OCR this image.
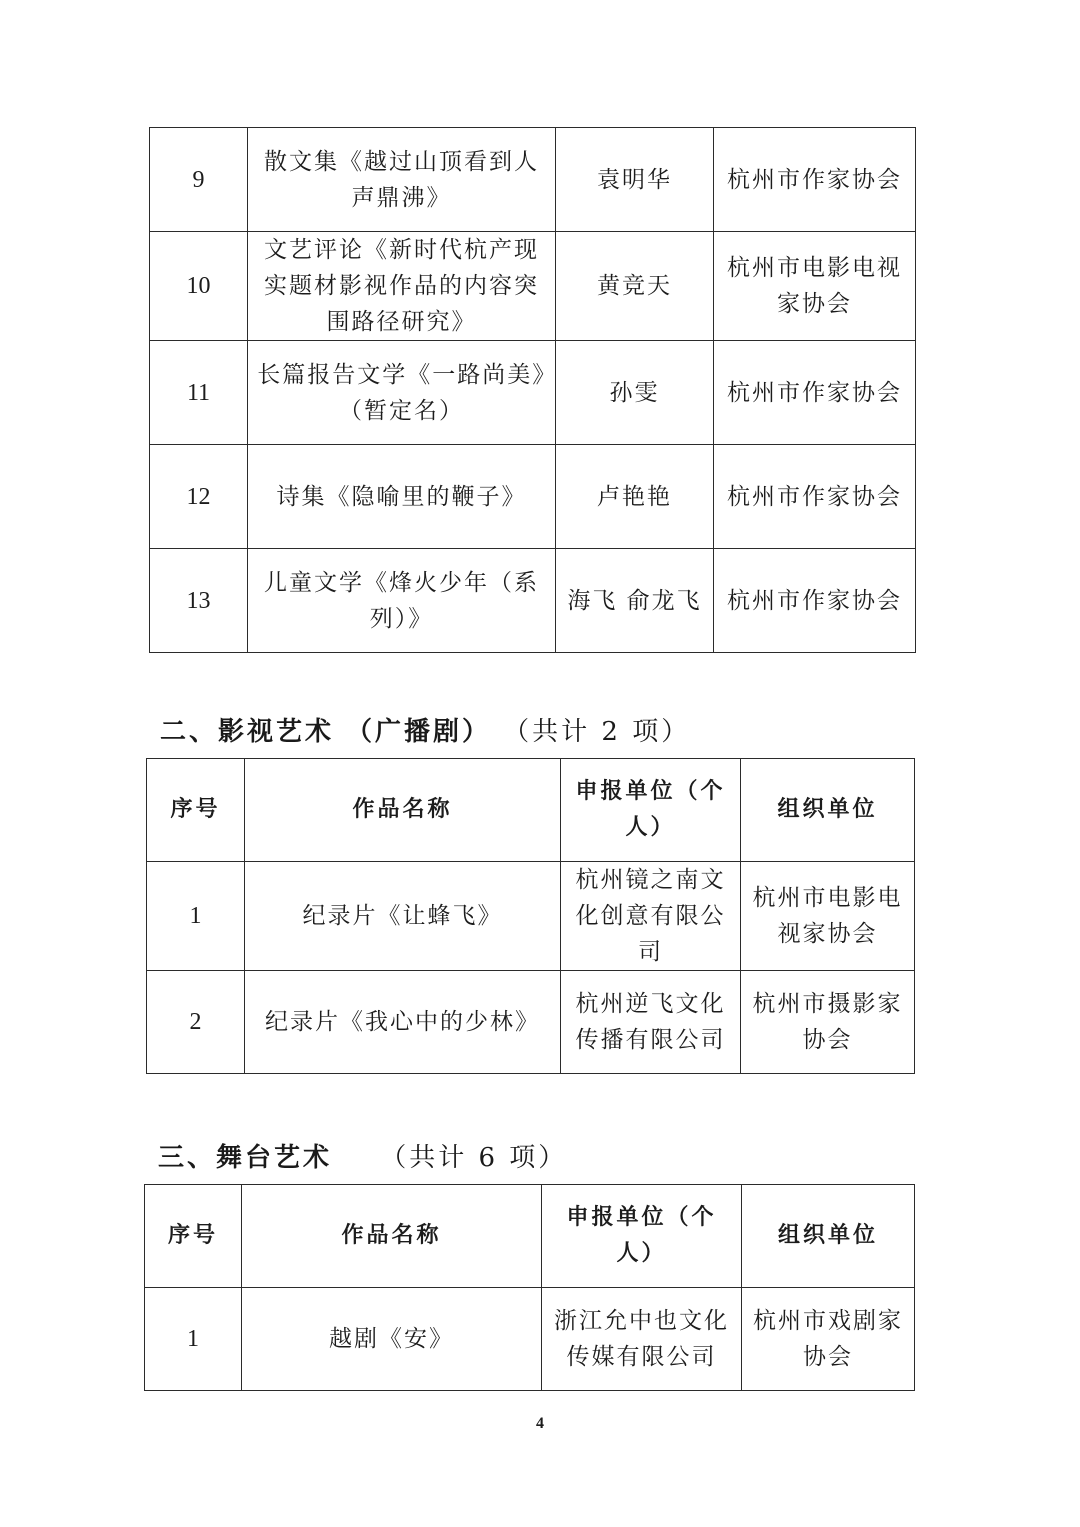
9	散文集《越过山顶看到人声鼎沸》	袁明华	杭州市作家协会
10	文艺评论《新时代杭产现实题材影视作品的内容突围路径研究》	黄竞天	杭州市电影电视家协会
11	长篇报告文学《一路尚美》（暂定名）	孙雯	杭州市作家协会
12	诗集《隐喻里的鞭子》	卢艳艳	杭州市作家协会
13	儿童文学《烽火少年（系列）》	海飞 俞龙飞	杭州市作家协会
二、影视艺术 （广播剧） （共计 2 项）
序号	作品名称	申报单位（个人）	组织单位
1	纪录片《让蜂飞》	杭州镜之南文化创意有限公司	杭州市电影电视家协会
2	纪录片《我心中的少林》	杭州逆飞文化传播有限公司	杭州市摄影家协会
三、舞台艺术 （共计 6 项）
序号	作品名称	申报单位（个人）	组织单位
1	越剧《安》	浙江允中也文化传媒有限公司	杭州市戏剧家协会
4
